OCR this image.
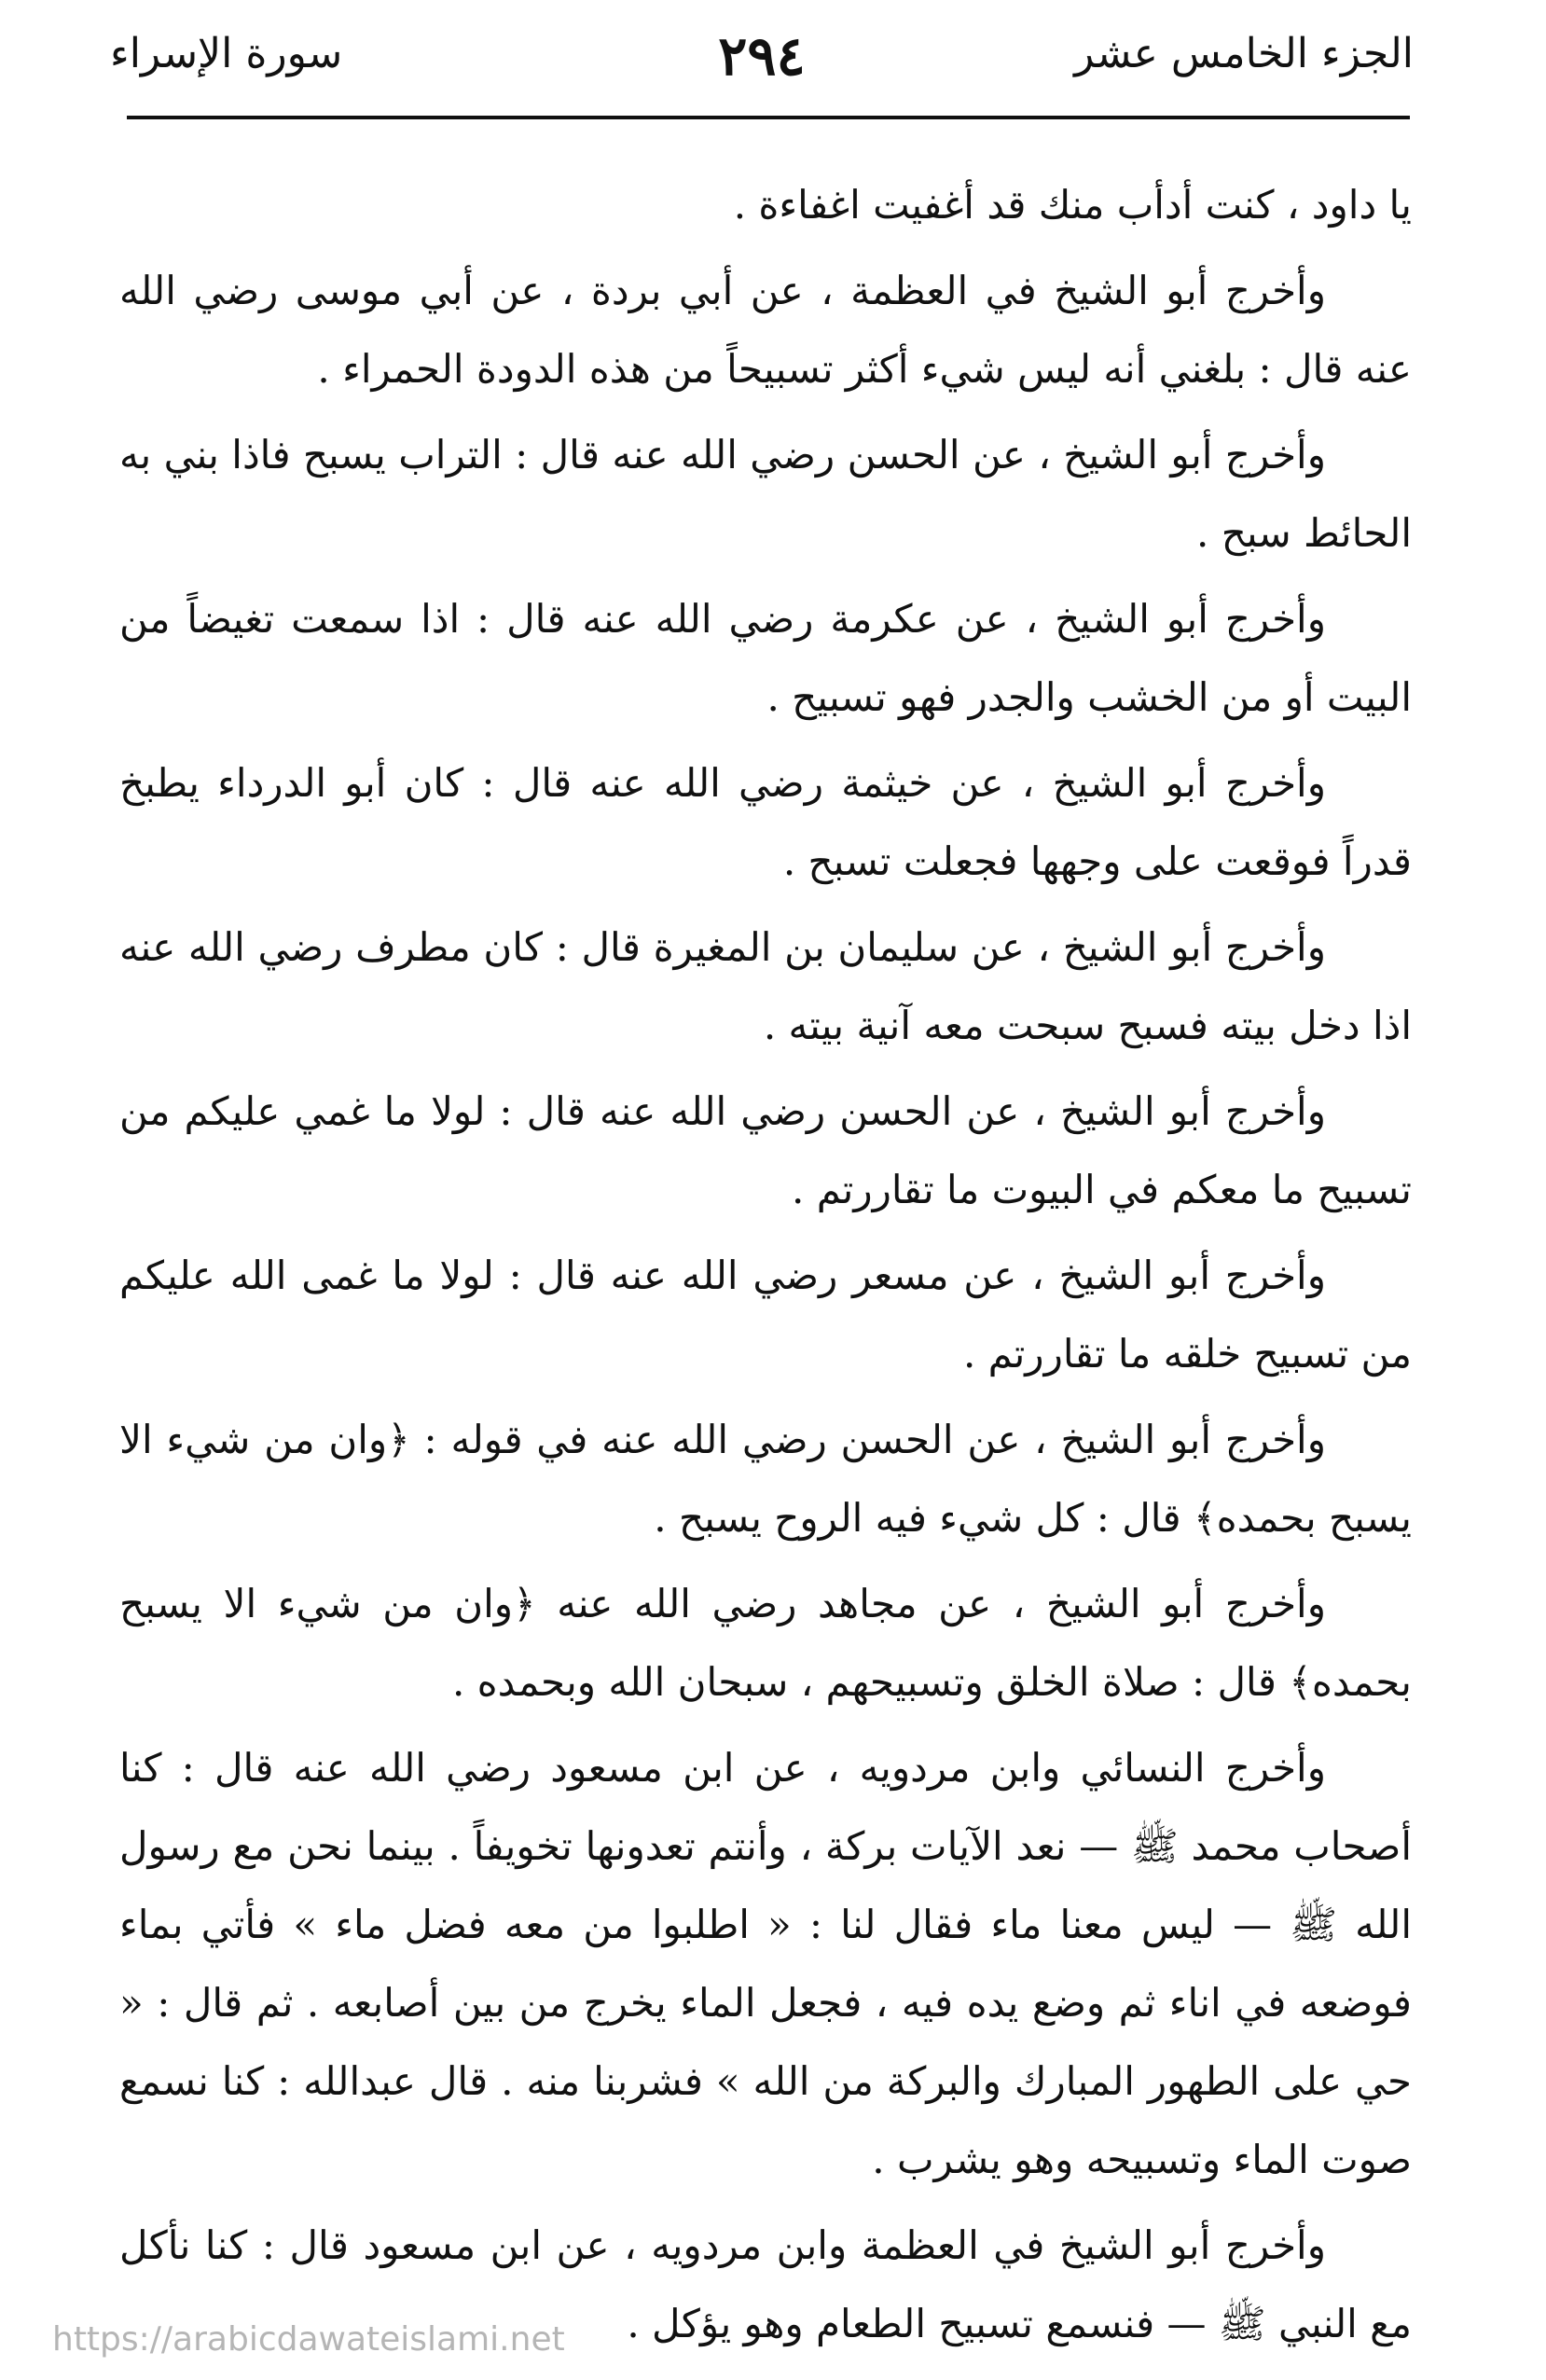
الجزء الخامس عشر
٢٩٤
سورة الإسراء

يا داود ، كنت أدأب منك قد أغفيت اغفاءة .

وأخرج أبو الشيخ في العظمة ، عن أبي بردة ، عن أبي موسى رضي الله عنه قال : بلغني أنه ليس شيء أكثر تسبيحاً من هذه الدودة الحمراء .

وأخرج أبو الشيخ ، عن الحسن رضي الله عنه قال : التراب يسبح فاذا بني به الحائط سبح .

وأخرج أبو الشيخ ، عن عكرمة رضي الله عنه قال : اذا سمعت تغيضاً من البيت أو من الخشب والجدر فهو تسبيح .

وأخرج أبو الشيخ ، عن خيثمة رضي الله عنه قال : كان أبو الدرداء يطبخ قدراً فوقعت على وجهها فجعلت تسبح .

وأخرج أبو الشيخ ، عن سليمان بن المغيرة قال : كان مطرف رضي الله عنه اذا دخل بيته فسبح سبحت معه آنية بيته .

وأخرج أبو الشيخ ، عن الحسن رضي الله عنه قال : لولا ما غمي عليكم من تسبيح ما معكم في البيوت ما تقاررتم .

وأخرج أبو الشيخ ، عن مسعر رضي الله عنه قال : لولا ما غمى الله عليكم من تسبيح خلقه ما تقاررتم .

وأخرج أبو الشيخ ، عن الحسن رضي الله عنه في قوله : ﴿وان من شيء الا يسبح بحمده﴾ قال : كل شيء فيه الروح يسبح .

وأخرج أبو الشيخ ، عن مجاهد رضي الله عنه ﴿وان من شيء الا يسبح بحمده﴾ قال : صلاة الخلق وتسبيحهم ، سبحان الله وبحمده .

وأخرج النسائي وابن مردويه ، عن ابن مسعود رضي الله عنه قال : كنا أصحاب محمد ﷺ — نعد الآيات بركة ، وأنتم تعدونها تخويفاً . بينما نحن مع رسول الله ﷺ — ليس معنا ماء فقال لنا : « اطلبوا من معه فضل ماء » فأتي بماء فوضعه في اناء ثم وضع يده فيه ، فجعل الماء يخرج من بين أصابعه . ثم قال : « حي على الطهور المبارك والبركة من الله » فشربنا منه . قال عبدالله : كنا نسمع صوت الماء وتسبيحه وهو يشرب .

وأخرج أبو الشيخ في العظمة وابن مردويه ، عن ابن مسعود قال : كنا نأكل مع النبي ﷺ — فنسمع تسبيح الطعام وهو يؤكل .

https://arabicdawateislami.net
